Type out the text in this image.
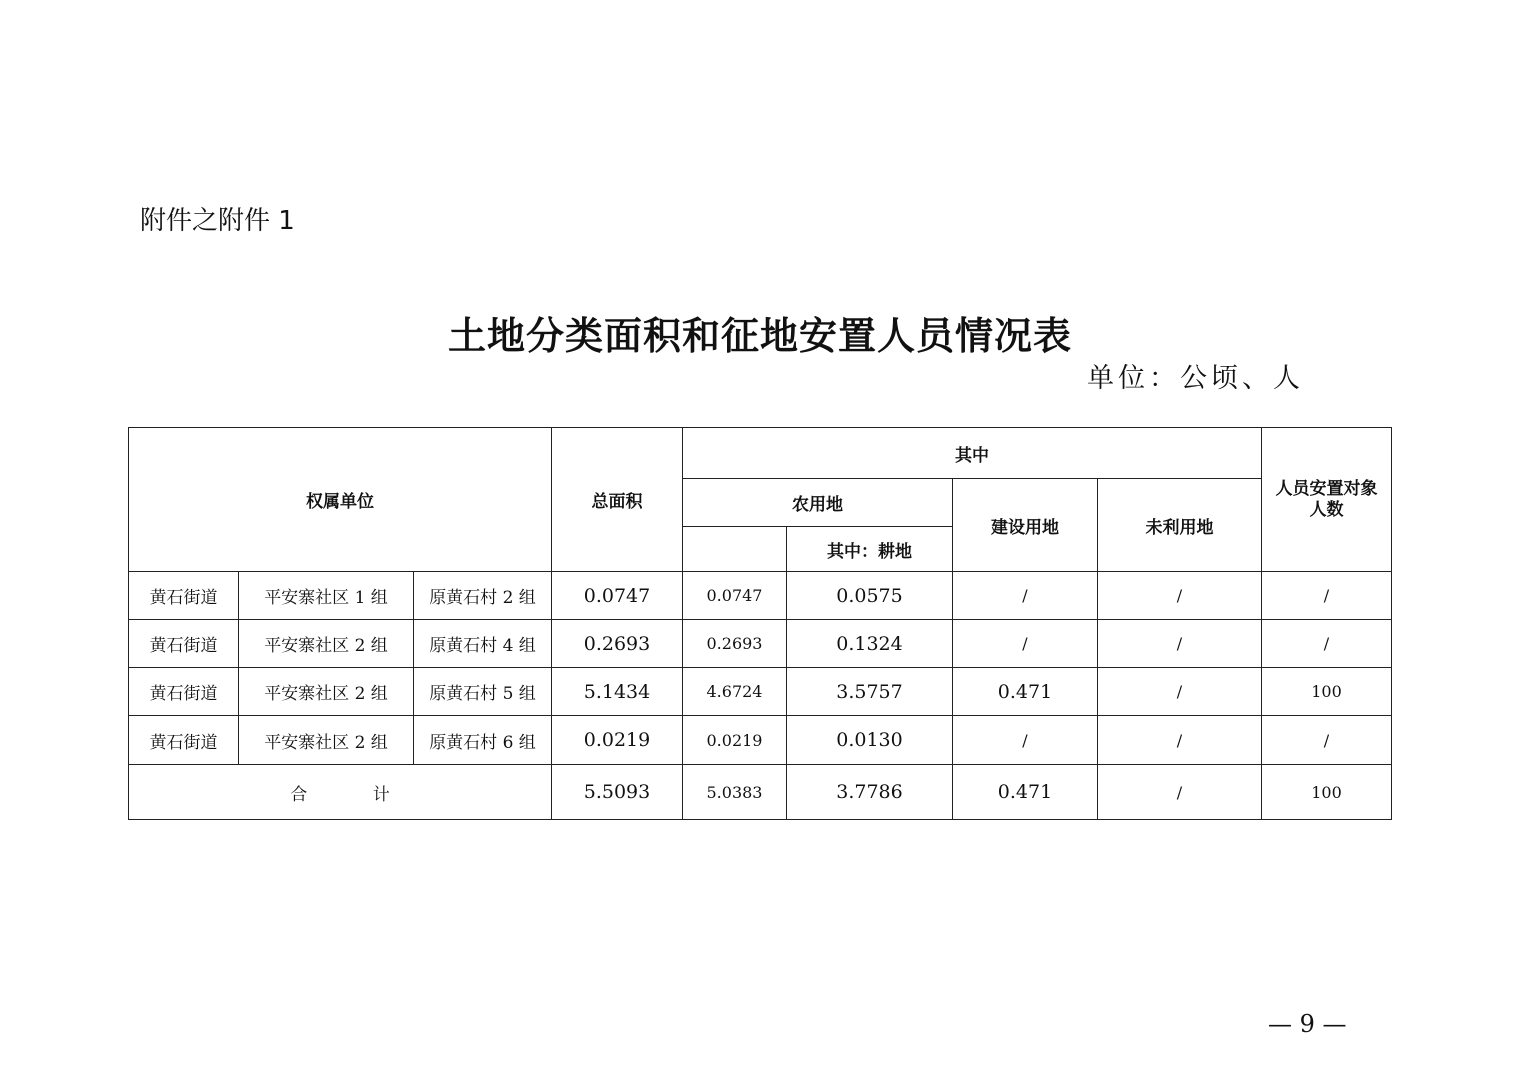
附件之附件 1
土地分类面积和征地安置人员情况表
单位：公顷、人
权属单位			总面积	其中				人员安置对象人数
				农用地		建设用地	未利用地	
					其中：耕地			
黄石街道	平安寨社区 1 组	原黄石村 2 组	0.0747	0.0747	0.0575	/	/	/
黄石街道	平安寨社区 2 组	原黄石村 4 组	0.2693	0.2693	0.1324	/	/	/
黄石街道	平安寨社区 2 组	原黄石村 5 组	5.1434	4.6724	3.5757	0.471	/	100
黄石街道	平安寨社区 2 组	原黄石村 6 组	0.0219	0.0219	0.0130	/	/	/
合 计			5.5093	5.0383	3.7786	0.471	/	100
— 9 —
